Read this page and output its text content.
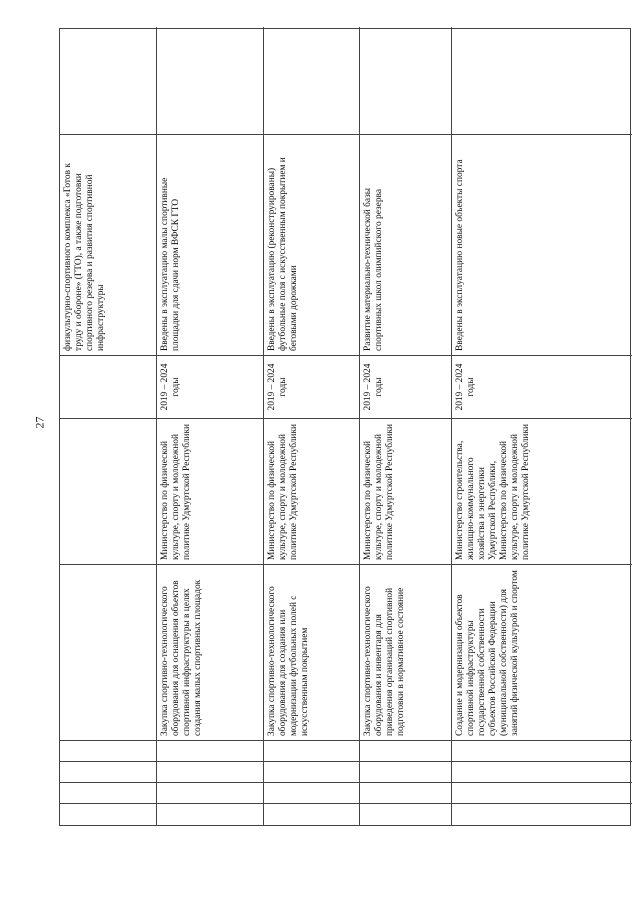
27
физкультурно-спортивного комплекса «Готов к труду и обороне» (ГТО), а также подготовки спортивного резерва и развития спортивной инфраструктуры
Закупка спортивно-технологического оборудования для оснащения объектов спортивной инфраструктуры в целях создания малых спортивных площадок
Министерство по физической культуре, спорту и молодежной политике Удмуртской Республики
2019 – 2024 годы
Введены в эксплуатацию малы спортивные площадки для сдачи норм ВФСК ГТО
Закупка спортивно-технологического оборудования для создания или модернизации футбольных полей с искусственным покрытием
Министерство по физической культуре, спорту и молодежной политике Удмуртской Республики
2019 – 2024 годы
Введены в эксплуатацию (реконструированы) футбольные поля с искусственным покрытием и беговыми дорожками
Закупка спортивно-технологического оборудования и инвентаря для приведения организаций спортивной подготовки в нормативное состояние
Министерство по физической культуре, спорту и молодежной политике Удмуртской Республики
2019 – 2024 годы
Развитие материально-технической базы спортивных школ олимпийского резерва
Создание и модернизация объектов спортивной инфраструктуры государственной собственности субъектов Российской Федерации (муниципальной собственности) для занятий физической культурой и спортом
Министерство строительства, жилищно-коммунального хозяйства и энергетики Удмуртской Республики, Министерство по физической культуре, спорту и молодежной политике Удмуртской Республики
2019 – 2024 годы
Введены в эксплуатацию новые объекты спорта
